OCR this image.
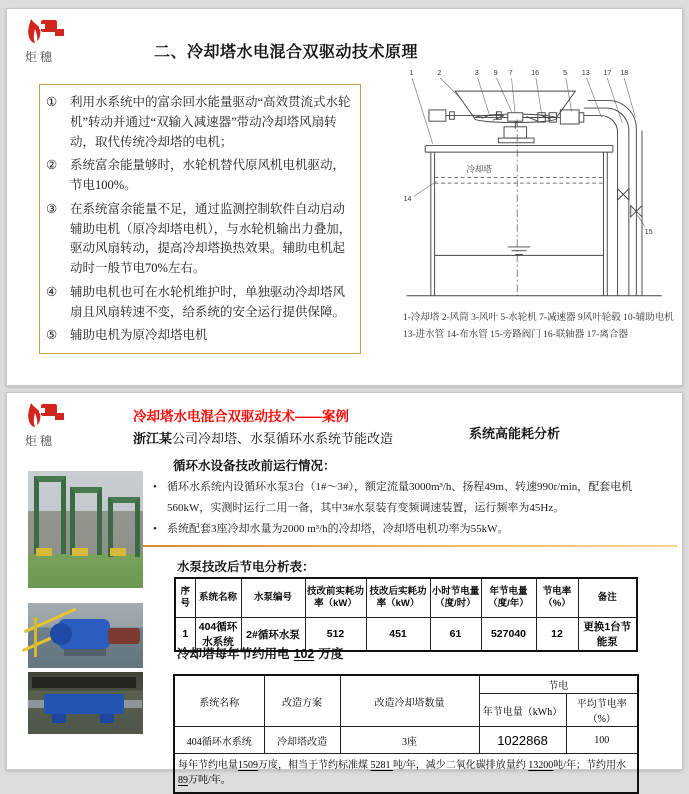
炬穗	二、冷却塔水电混合双驱动技术原理
①	利用水系统中的富余回水能量驱动“高效贯流式水轮机”转动并通过“双输入减速器”带动冷却塔风扇转动，取代传统冷却塔的电机；
②	系统富余能量够时，水轮机替代原风机电机驱动，节电100%。
③	在系统富余能量不足，通过监测控制软件自动启动辅助电机（原冷却塔电机），与水轮机输出力叠加，驱动风扇转动，提高冷却塔换热效果。辅助电机起动时一般节电70%左右。
④	辅助电机也可在水轮机维护时，单独驱动冷却塔风扇且风扇转速不变，给系统的安全运行提供保障。
⑤	辅助电机为原冷却塔电机
1	2	3 9 7 16	5 13 17 18
14
15
冷却塔
1-冷却塔 2-风筒 3-风叶 5-水轮机 7-减速器 9风叶轮毂 10-辅助电机
13-进水管 14-布水管 15-旁路阀门 16-联轴器 17-离合器
炬穗
冷却塔水电混合双驱动技术——案例
浙江某公司冷却塔、水泵循环水系统节能改造	系统高能耗分析
循环水设备技改前运行情况：
• 循环水系统内设循环水泵3台（1#～3#），额定流量3000m³/h、扬程49m、转速990r/min，配套电机560kW，实测时运行二用一备，其中3#水泵装有变频调速装置，运行频率为45Hz。
• 系统配套3座冷却水量为2000 m³/h的冷却塔，冷却塔电机功率为55kW。
水泵技改后节电分析表：
序号	系统名称	水泵编号	技改前实耗功率（kW）	技改后实耗功率（kW）	小时节电量（度/时）	年节电量（度/年）	节电率（%）	备注
1	404循环水系统	2#循环水泵	512	451	61	527040	12	更换1台节能泵
冷却塔每年节约用电 102 万度
系统名称	改造方案	改造冷却塔数量	节电	
			年节电量（kWh）	平均节电率（%）
404循环水系统	冷却塔改造	3座	1022868	100
每年节约电量1509万度，相当于节约标准煤 5281 吨/年，减少二氧化碳排放量约 13200吨/年；节约用水89万吨/年。				
